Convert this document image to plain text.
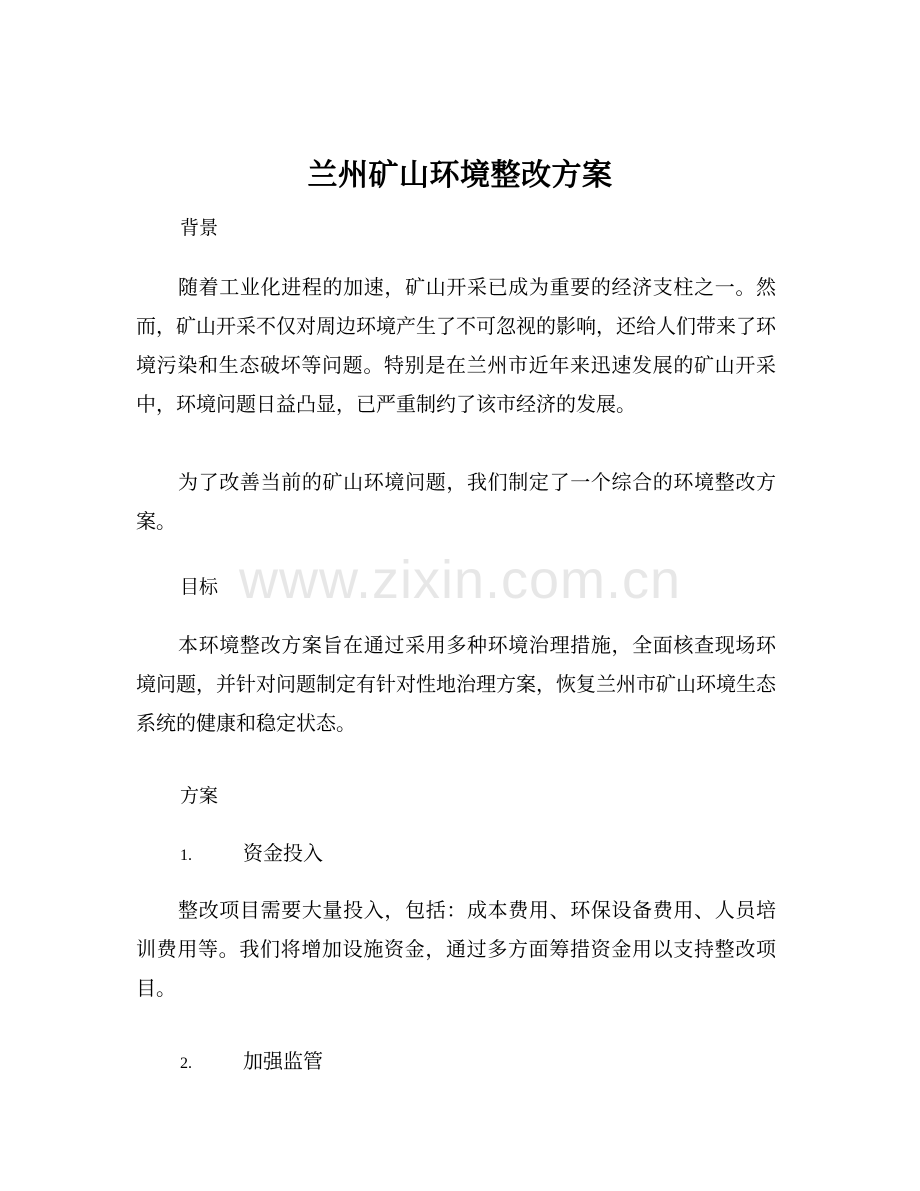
兰州矿山环境整改方案
背景

随着工业化进程的加速，矿山开采已成为重要的经济支柱之一。然而，矿山开采不仅对周边环境产生了不可忽视的影响，还给人们带来了环境污染和生态破坏等问题。特别是在兰州市近年来迅速发展的矿山开采中，环境问题日益凸显，已严重制约了该市经济的发展。

为了改善当前的矿山环境问题，我们制定了一个综合的环境整改方案。

www.zixin.com.cn
目标

本环境整改方案旨在通过采用多种环境治理措施，全面核查现场环境问题，并针对问题制定有针对性地治理方案，恢复兰州市矿山环境生态系统的健康和稳定状态。

方案
1.	资金投入

整改项目需要大量投入，包括：成本费用、环保设备费用、人员培训费用等。我们将增加设施资金，通过多方面筹措资金用以支持整改项目。

2.	加强监管
